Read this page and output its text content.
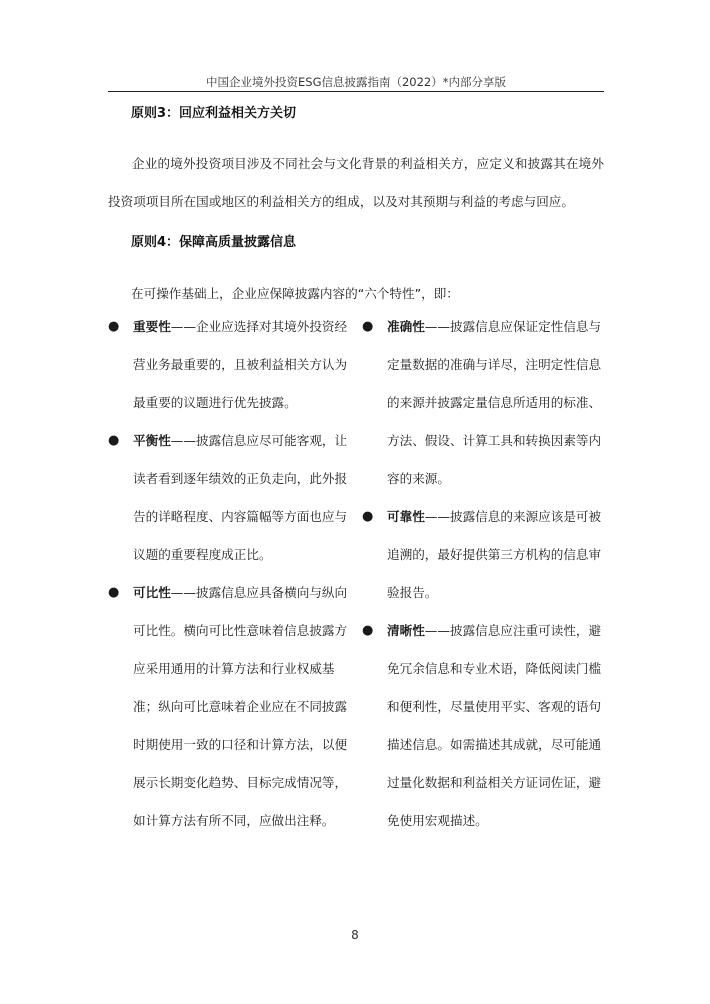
中国企业境外投资ESG信息披露指南（2022）*内部分享版
原则3：回应利益相关方关切

企业的境外投资项目涉及不同社会与文化背景的利益相关方，应定义和披露其在境外投资项项目所在国或地区的利益相关方的组成，以及对其预期与利益的考虑与回应。

原则4：保障高质量披露信息
在可操作基础上，企业应保障披露内容的“六个特性”，即：

● 重要性——企业应选择对其境外投资经营业务最重要的，且被利益相关方认为最重要的议题进行优先披露。

● 平衡性——披露信息应尽可能客观，让读者看到逐年绩效的正负走向，此外报告的详略程度、内容篇幅等方面也应与议题的重要程度成正比。

● 可比性——披露信息应具备横向与纵向可比性。横向可比性意味着信息披露方应采用通用的计算方法和行业权威基准；纵向可比意味着企业应在不同披露时期使用一致的口径和计算方法，以便展示长期变化趋势、目标完成情况等，如计算方法有所不同，应做出注释。

● 准确性——披露信息应保证定性信息与定量数据的准确与详尽，注明定性信息的来源并披露定量信息所适用的标准、方法、假设、计算工具和转换因素等内容的来源。

● 可靠性——披露信息的来源应该是可被追溯的，最好提供第三方机构的信息审验报告。

● 清晰性——披露信息应注重可读性，避免冗余信息和专业术语，降低阅读门槛和便利性，尽量使用平实、客观的语句描述信息。如需描述其成就，尽可能通过量化数据和利益相关方证词佐证，避免使用宏观描述。

8
